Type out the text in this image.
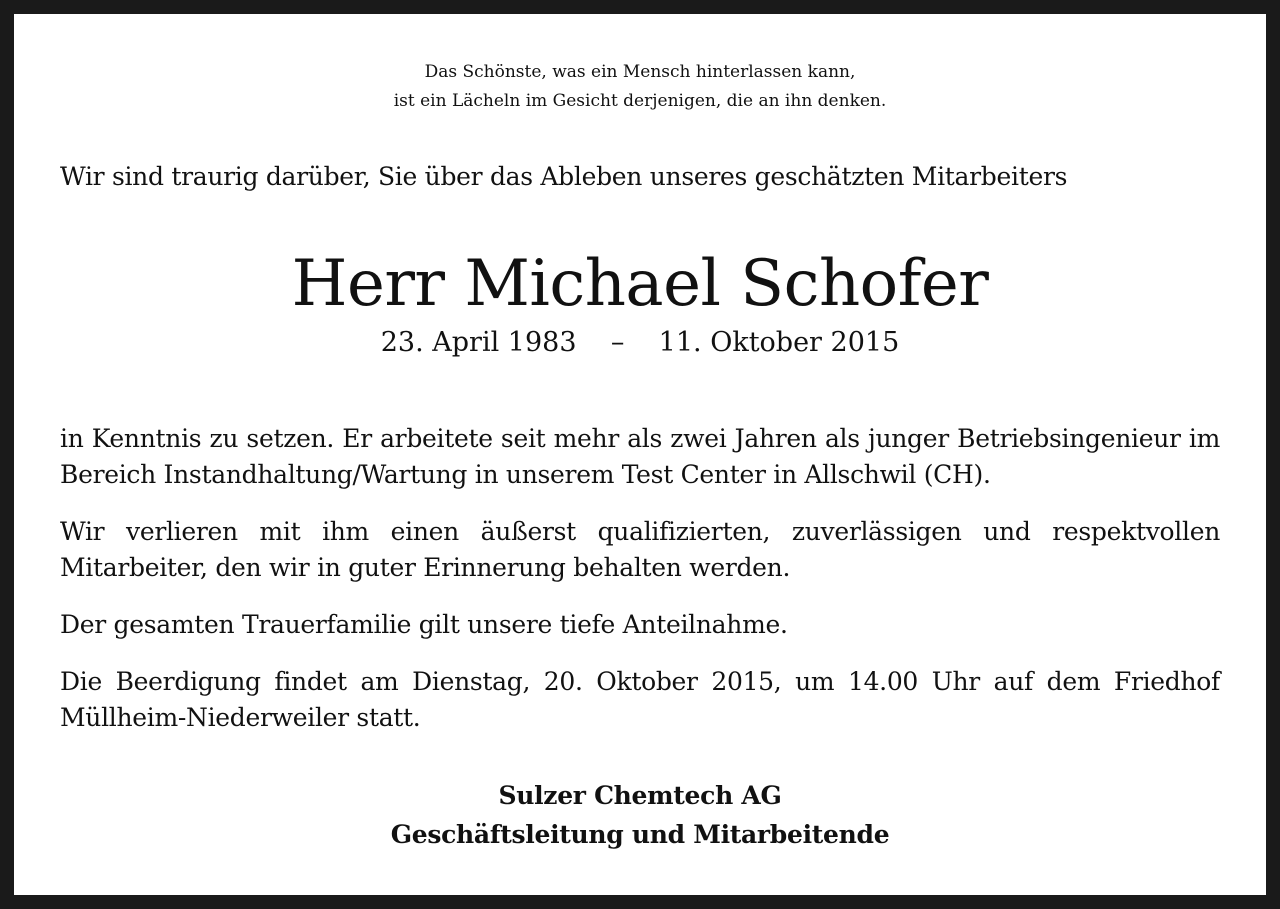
Das Schönste, was ein Mensch hinterlassen kann,
ist ein Lächeln im Gesicht derjenigen, die an ihn denken.
Wir sind traurig darüber, Sie über das Ableben unseres geschätzten Mitarbeiters
Herr Michael Schofer
23. April 1983    –    11. Oktober 2015

in Kenntnis zu setzen. Er arbeitete seit mehr als zwei Jahren als junger Betriebsingenieur im Bereich Instandhaltung/Wartung in unserem Test Center in Allschwil (CH).

Wir verlieren mit ihm einen äußerst qualifizierten, zuverlässigen und respektvollen Mitarbeiter, den wir in guter Erinnerung behalten werden.

Der gesamten Trauerfamilie gilt unsere tiefe Anteilnahme.

Die Beerdigung findet am Dienstag, 20. Oktober 2015, um 14.00 Uhr auf dem Friedhof Müllheim-Niederweiler statt.

Sulzer Chemtech AG
Geschäftsleitung und Mitarbeitende
